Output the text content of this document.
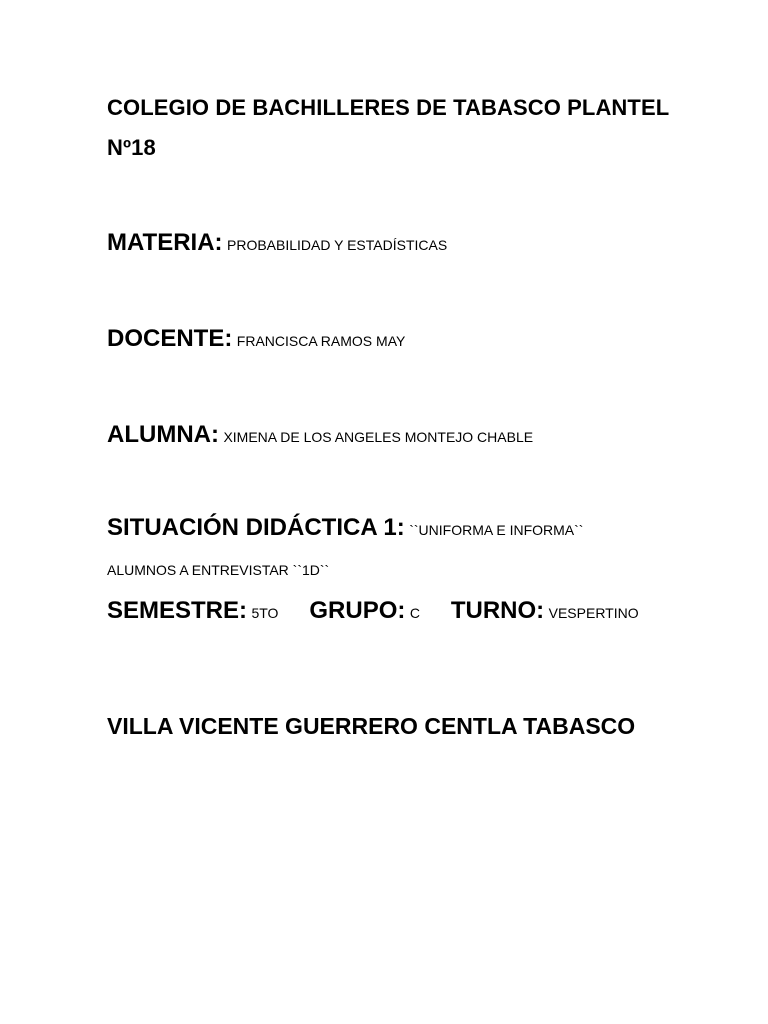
COLEGIO DE BACHILLERES DE TABASCO PLANTEL
Nº18
MATERIA: PROBABILIDAD Y ESTADÍSTICAS
DOCENTE: FRANCISCA RAMOS MAY
ALUMNA: XIMENA DE LOS ANGELES MONTEJO CHABLE
SITUACIÓN DIDÁCTICA 1: ``UNIFORMA E INFORMA``
ALUMNOS A ENTREVISTAR ``1D``
SEMESTRE: 5TO GRUPO: C TURNO: VESPERTINO
VILLA VICENTE GUERRERO CENTLA TABASCO
